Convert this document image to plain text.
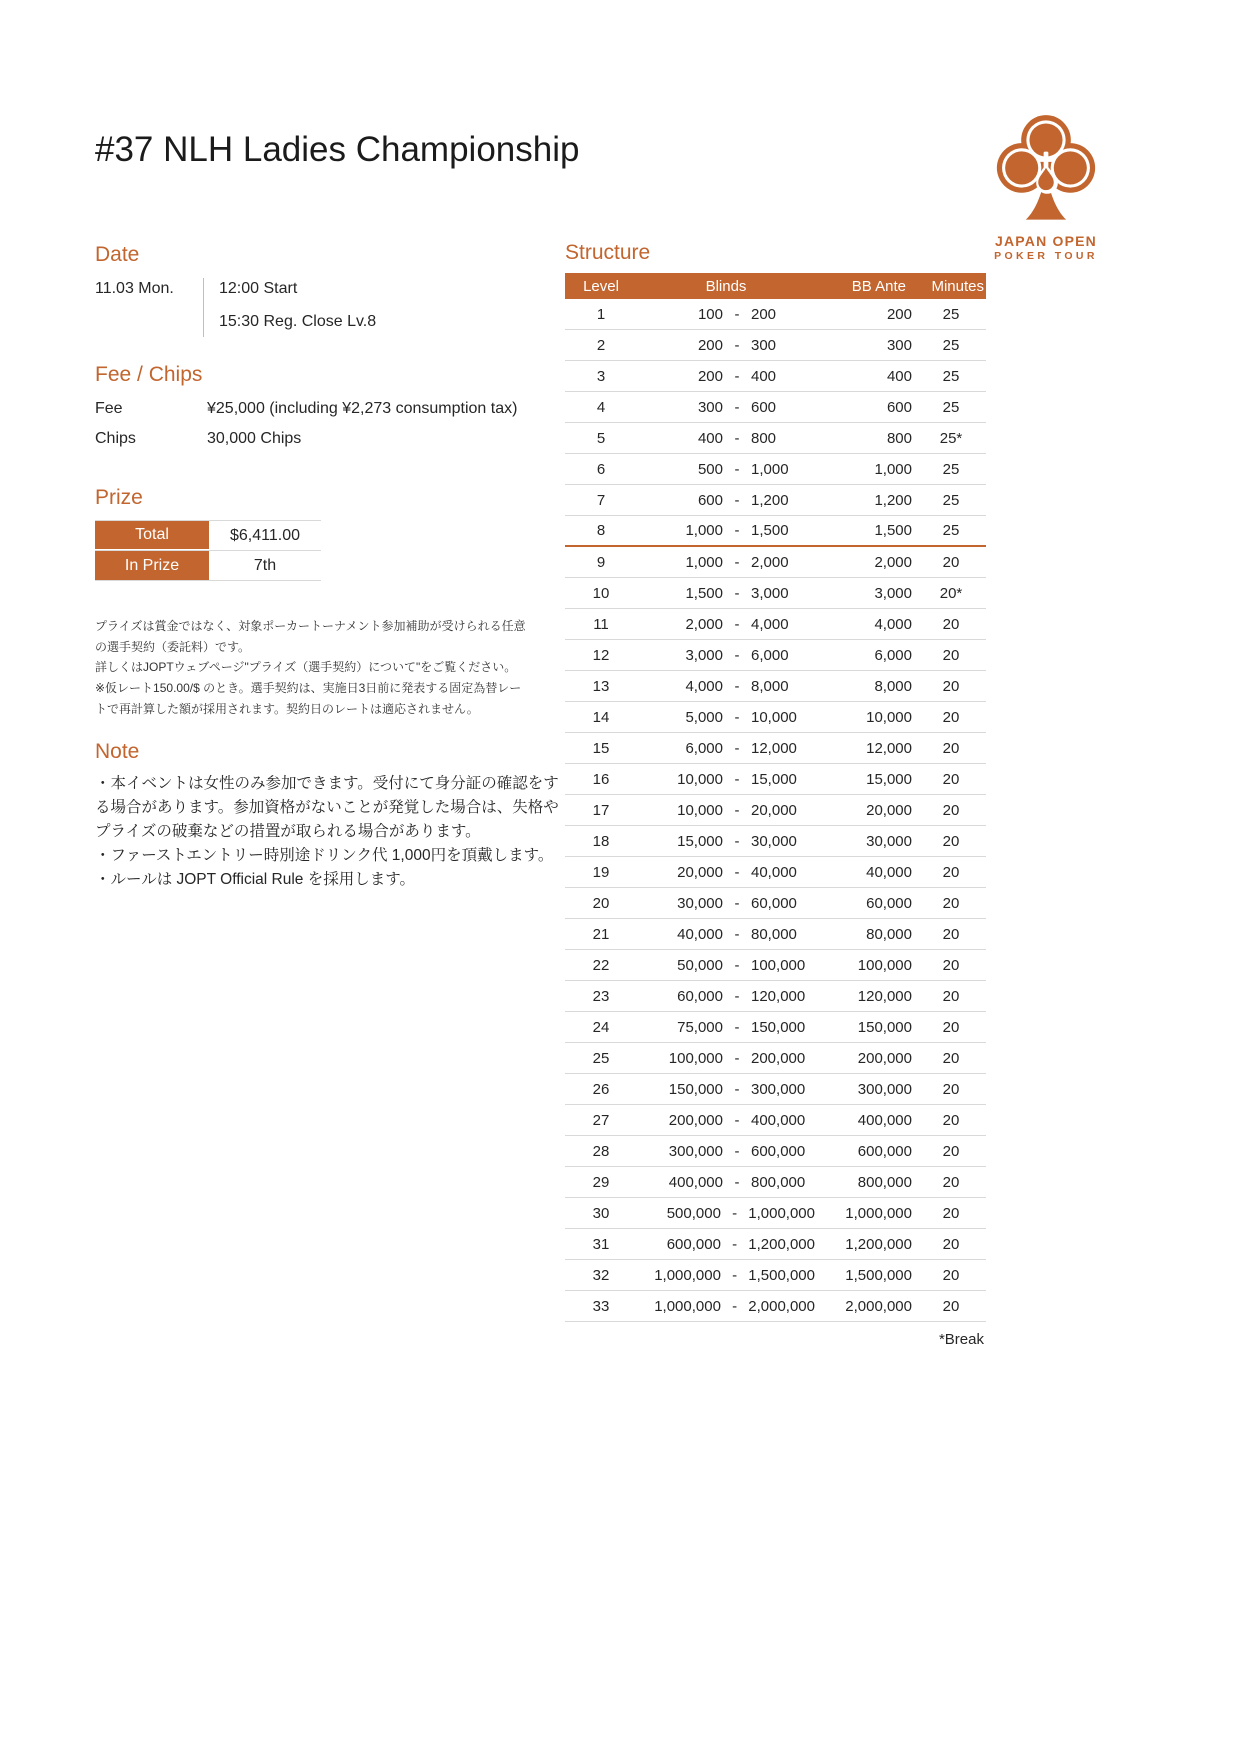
#37 NLH Ladies Championship
JAPAN OPEN
POKER TOUR
Date
11.03 Mon.	12:00 Start
15:30 Reg. Close Lv.8
Fee / Chips
Fee	¥25,000 (including ¥2,273 consumption tax)
Chips	30,000 Chips
Prize
Total	$6,411.00
In Prize	7th

プライズは賞金ではなく、対象ポーカートーナメント参加補助が受けられる任意の選手契約（委託料）です。

詳しくはJOPTウェブページ"プライズ（選手契約）について"をご覧ください。

※仮レート150.00/$ のとき。選手契約は、実施日3日前に発表する固定為替レートで再計算した額が採用されます。契約日のレートは適応されません。

Note

・本イベントは女性のみ参加できます。受付にて身分証の確認をする場合があります。参加資格がないことが発覚した場合は、失格やプライズの破棄などの措置が取られる場合があります。

・ファーストエントリー時別途ドリンク代 1,000円を頂戴します。

・ルールは JOPT Official Rule を採用します。

Structure
Level	Blinds	BB Ante	Minutes
1	100 - 200	200	25
2	200 - 300	300	25
3	200 - 400	400	25
4	300 - 600	600	25
5	400 - 800	800	25*
6	500 - 1,000	1,000	25
7	600 - 1,200	1,200	25
8	1,000 - 1,500	1,500	25
9	1,000 - 2,000	2,000	20
10	1,500 - 3,000	3,000	20*
11	2,000 - 4,000	4,000	20
12	3,000 - 6,000	6,000	20
13	4,000 - 8,000	8,000	20
14	5,000 - 10,000	10,000	20
15	6,000 - 12,000	12,000	20
16	10,000 - 15,000	15,000	20
17	10,000 - 20,000	20,000	20
18	15,000 - 30,000	30,000	20
19	20,000 - 40,000	40,000	20
20	30,000 - 60,000	60,000	20
21	40,000 - 80,000	80,000	20
22	50,000 - 100,000	100,000	20
23	60,000 - 120,000	120,000	20
24	75,000 - 150,000	150,000	20
25	100,000 - 200,000	200,000	20
26	150,000 - 300,000	300,000	20
27	200,000 - 400,000	400,000	20
28	300,000 - 600,000	600,000	20
29	400,000 - 800,000	800,000	20
30	500,000 - 1,000,000	1,000,000	20
31	600,000 - 1,200,000	1,200,000	20
32	1,000,000 - 1,500,000	1,500,000	20
33	1,000,000 - 2,000,000	2,000,000	20
*Break
